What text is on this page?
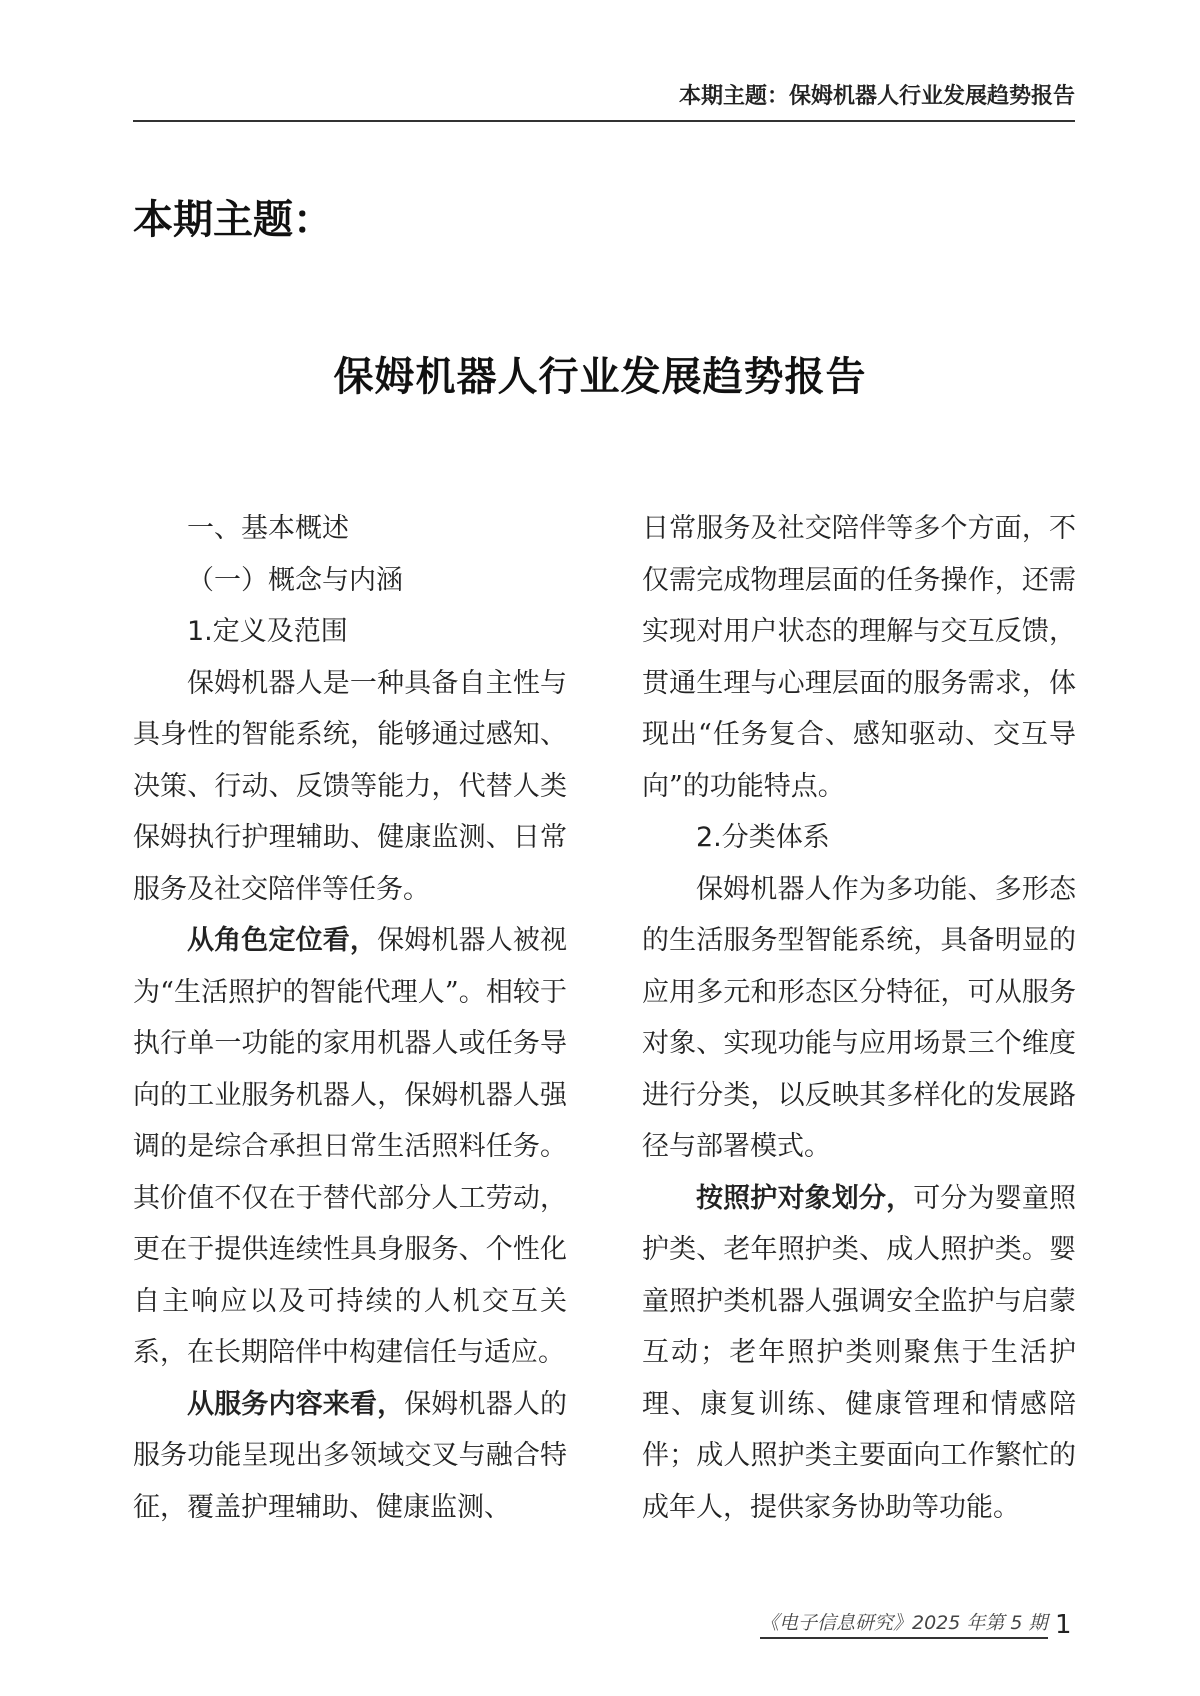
本期主题：保姆机器人行业发展趋势报告
本期主题：
保姆机器人行业发展趋势报告

一、基本概述

（一）概念与内涵

1.定义及范围

保姆机器人是一种具备自主性与具身性的智能系统，能够通过感知、决策、行动、反馈等能力，代替人类保姆执行护理辅助、健康监测、日常服务及社交陪伴等任务。

从角色定位看，保姆机器人被视为“生活照护的智能代理人”。相较于执行单一功能的家用机器人或任务导向的工业服务机器人，保姆机器人强调的是综合承担日常生活照料任务。其价值不仅在于替代部分人工劳动，更在于提供连续性具身服务、个性化自主响应以及可持续的人机交互关系，在长期陪伴中构建信任与适应。

从服务内容来看，保姆机器人的服务功能呈现出多领域交叉与融合特征，覆盖护理辅助、健康监测、

日常服务及社交陪伴等多个方面，不仅需完成物理层面的任务操作，还需实现对用户状态的理解与交互反馈，贯通生理与心理层面的服务需求，体现出“任务复合、感知驱动、交互导向”的功能特点。

2.分类体系

保姆机器人作为多功能、多形态的生活服务型智能系统，具备明显的应用多元和形态区分特征，可从服务对象、实现功能与应用场景三个维度进行分类，以反映其多样化的发展路径与部署模式。

按照护对象划分，可分为婴童照护类、老年照护类、成人照护类。婴童照护类机器人强调安全监护与启蒙互动；老年照护类则聚焦于生活护理、康复训练、健康管理和情感陪伴；成人照护类主要面向工作繁忙的成年人，提供家务协助等功能。

《电子信息研究》2025 年第 5 期 1
